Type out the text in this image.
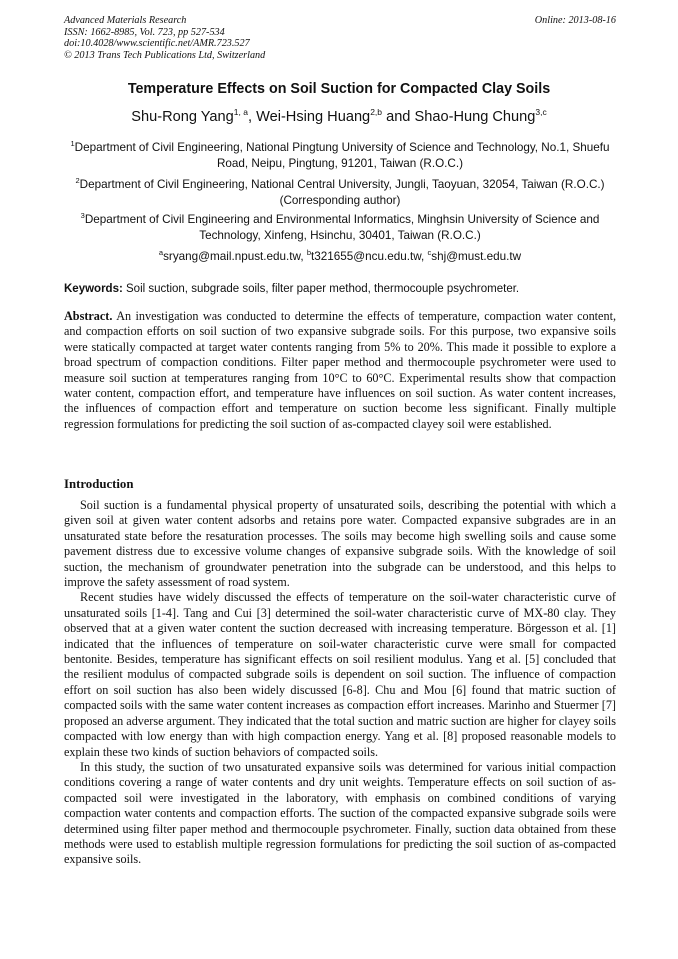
Advanced Materials Research
ISSN: 1662-8985, Vol. 723, pp 527-534
doi:10.4028/www.scientific.net/AMR.723.527
© 2013 Trans Tech Publications Ltd, Switzerland
Online: 2013-08-16
Temperature Effects on Soil Suction for Compacted Clay Soils
Shu-Rong Yang$^{1, a}$, Wei-Hsing Huang$^{2,b}$ and Shao-Hung Chung$^{3,c}$
$^1$Department of Civil Engineering, National Pingtung University of Science and Technology, No.1, Shuefu Road, Neipu, Pingtung, 91201, Taiwan (R.O.C.)
$^2$Department of Civil Engineering, National Central University, Jungli, Taoyuan, 32054, Taiwan (R.O.C.) (Corresponding author)
$^3$Department of Civil Engineering and Environmental Informatics, Minghsin University of Science and Technology, Xinfeng, Hsinchu, 30401, Taiwan (R.O.C.)
$^a$sryang@mail.npust.edu.tw, $^b$t321655@ncu.edu.tw, $^c$shj@must.edu.tw
Keywords: Soil suction, subgrade soils, filter paper method, thermocouple psychrometer.
Abstract. An investigation was conducted to determine the effects of temperature, compaction water content, and compaction efforts on soil suction of two expansive subgrade soils. For this purpose, two expansive soils were statically compacted at target water contents ranging from 5% to 20%. This made it possible to explore a broad spectrum of compaction conditions. Filter paper method and thermocouple psychrometer were used to measure soil suction at temperatures ranging from 10°C to 60°C. Experimental results show that compaction water content, compaction effort, and temperature have influences on soil suction. As water content increases, the influences of compaction effort and temperature on suction become less significant. Finally multiple regression formulations for predicting the soil suction of as-compacted clayey soil were established.
Introduction

Soil suction is a fundamental physical property of unsaturated soils, describing the potential with which a given soil at given water content adsorbs and retains pore water. Compacted expansive subgrades are in an unsaturated state before the resaturation processes. The soils may become high swelling soils and cause some pavement distress due to excessive volume changes of expansive subgrade soils. With the knowledge of soil suction, the mechanism of groundwater penetration into the subgrade can be understood, and this helps to improve the safety assessment of road system.

Recent studies have widely discussed the effects of temperature on the soil-water characteristic curve of unsaturated soils [1-4]. Tang and Cui [3] determined the soil-water characteristic curve of MX-80 clay. They observed that at a given water content the suction decreased with increasing temperature. Börgesson et al. [1] indicated that the influences of temperature on soil-water characteristic curve were small for compacted bentonite. Besides, temperature has significant effects on soil resilient modulus. Yang et al. [5] concluded that the resilient modulus of compacted subgrade soils is dependent on soil suction. The influence of compaction effort on soil suction has also been widely discussed [6-8]. Chu and Mou [6] found that matric suction of compacted soils with the same water content increases as compaction effort increases. Marinho and Stuermer [7] proposed an adverse argument. They indicated that the total suction and matric suction are higher for clayey soils compacted with low energy than with high compaction energy. Yang et al. [8] proposed reasonable models to explain these two kinds of suction behaviors of compacted soils.

In this study, the suction of two unsaturated expansive soils was determined for various initial compaction conditions covering a range of water contents and dry unit weights. Temperature effects on soil suction of as-compacted soil were investigated in the laboratory, with emphasis on combined conditions of varying compaction water contents and compaction efforts. The suction of the compacted expansive subgrade soils were determined using filter paper method and thermocouple psychrometer. Finally, suction data obtained from these methods were used to establish multiple regression formulations for predicting the soil suction of as-compacted expansive soils.
